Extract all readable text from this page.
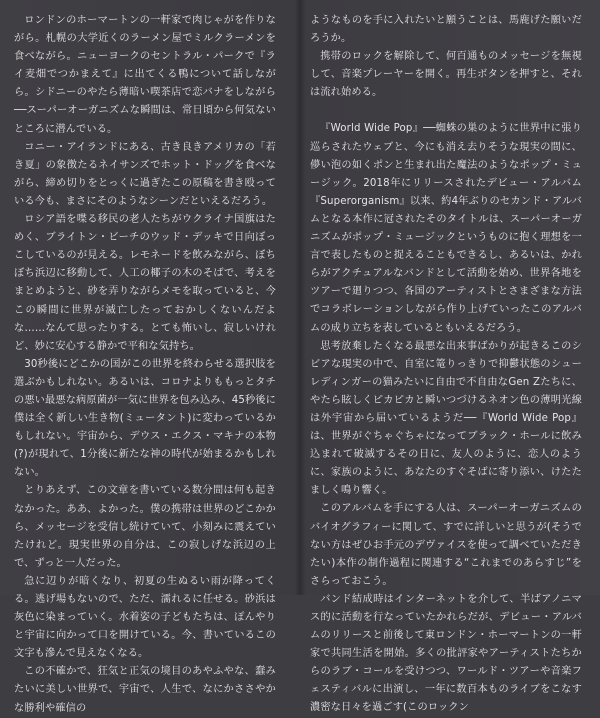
ロンドンのホーマートンの一軒家で肉じゃがを作りながら。札幌の大学近くのラーメン屋でミルクラーメンを食べながら。ニューヨークのセントラル・パークで『ライ麦畑でつかまえて』に出てくる鴨について話しながら。シドニーのやたら薄暗い喫茶店で恋バナをしながら──スーパーオーガニズムな瞬間は、常日頃から何気ないところに潜んでいる。

コニー・アイランドにある、古き良きアメリカの「若き夏」の象徴たるネイサンズでホット・ドッグを食べながら、締め切りをとっくに過ぎたこの原稿を書き殴っている今も、まさにそのようなシーンだといえるだろう。

ロシア語を喋る移民の老人たちがウクライナ国旗はためく、ブライトン・ビーチのウッド・デッキで日向ぼっこしているのが見える。レモネードを飲みながら、ぼちぼち浜辺に移動して、人工の椰子の木のそばで、考えをまとめようと、砂を弄りながらメモを取っていると、今この瞬間に世界が滅亡したっておかしくないんだよな……なんて思ったりする。とても怖いし、寂しいけれど、妙に安心する静かで平和な気持ち。

30秒後にどこかの国がこの世界を終わらせる選択肢を選ぶかもしれない。あるいは、コロナよりももっとタチの悪い最悪な病原菌が一気に世界を包み込み、45秒後に僕は全く新しい生き物(ミュータント)に変わっているかもしれない。宇宙から、デウス・エクス・マキナの本物(?)が現れて、1分後に新たな神の時代が始まるかもしれない。

とりあえず、この文章を書いている数分間は何も起きなかった。ああ、よかった。僕の携帯は世界のどこかから、メッセージを受信し続けていて、小刻みに震えていたけれど。現実世界の自分は、この寂しげな浜辺の上で、ずっと一人だった。

急に辺りが暗くなり、初夏の生ぬるい雨が降ってくる。逃げ場もないので、ただ、濡れるに任せる。砂浜は灰色に染まっていく。水着姿の子どもたちは、ぽんやりと宇宙に向かって口を開けている。今、書いているこの文字も滲んで見えなくなる。

この不確かで、狂気と正気の境目のあやふやな、蠢みたいに美しい世界で、宇宙で、人生で、なにかささやかな勝利や確信の

ようなものを手に入れたいと願うことは、馬鹿げた願いだろうか。

携帯のロックを解除して、何百通ものメッセージを無視して、音楽プレーヤーを開く。再生ボタンを押すと、それは流れ始める。

『World Wide Pop』──蜘蛛の巣のように世界中に張り巡らされたウェブと、今にも消え去りそうな現実の間に、儚い泡の如くポンと生まれ出た魔法のようなポップ・ミュージック。2018年にリリースされたデビュー・アルバム『Superorganism』以来、約4年ぶりのセカンド・アルバムとなる本作に冠されたそのタイトルは、スーパーオーガニズムがポップ・ミュージックというものに抱く理想を一言で表したものと捉えることもできるし、あるいは、かれらがアクチュアルなバンドとして活動を始め、世界各地をツアーで廻りつつ、各国のアーティストとさまざまな方法でコラボレーションしながら作り上げていったこのアルバムの成り立ちを表しているともいえるだろう。

思考放棄したくなる最悪な出来事ばかりが起きるこのシビアな現実の中で、自室に篭りっきりで抑鬱状態のシューレディンガーの猫みたいに自由で不自由なGen Zたちに、やたら眩しくピカピカと瞬いつづけるネオン色の薄明光線は外宇宙から届いているようだ──『World Wide Pop』は、世界がぐちゃぐちゃになってブラック・ホールに飲み込まれて破滅するその日に、友人のように、恋人のように、家族のように、あなたのすぐそばに寄り添い、けたたましく鳴り響く。

このアルバムを手にする人は、スーパーオーガニズムのバイオグラフィーに関して、すでに詳しいと思うが(そうでない方はぜひお手元のデヴァイスを使って調べていただきたい)本作の制作過程に関連する“これまでのあらすじ”をさらっておこう。

バンド結成時はインターネットを介して、半ばアノニマス的に活動を行なっていたかれらだが、デビュー・アルバムのリリースと前後して東ロンドン・ホーマートンの一軒家で共同生活を開始。多くの批評家やアーティストたちからのラブ・コールを受けつつ、ワールド・ツアーや音楽フェスティバルに出演し、一年に数百本ものライブをこなす濃密な日々を過ごす(このロックン
